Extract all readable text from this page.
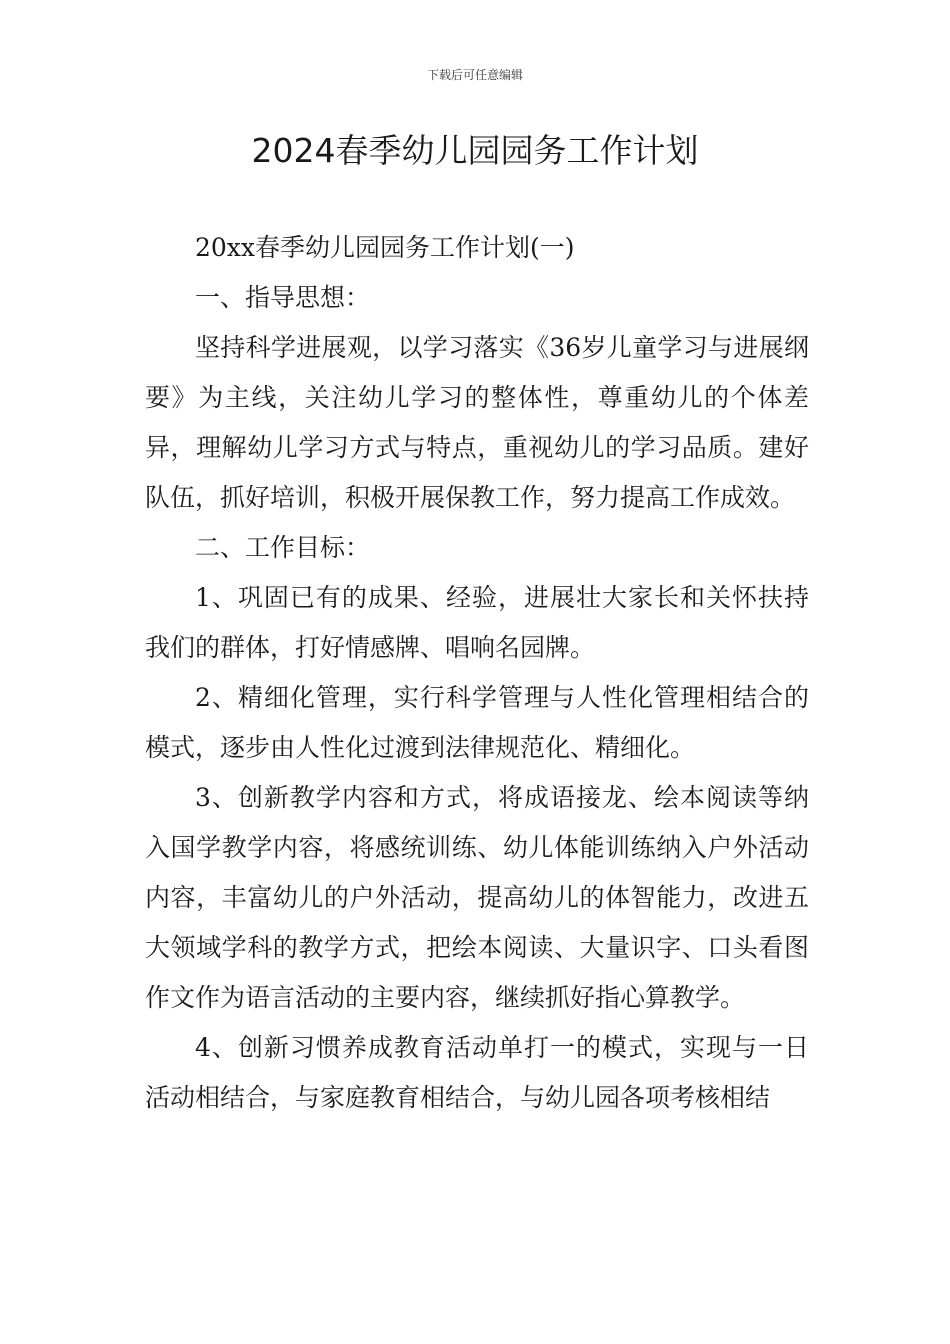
下载后可任意编辑
2024春季幼儿园园务工作计划

20xx春季幼儿园园务工作计划(一)

一、指导思想：

坚持科学进展观，以学习落实《36岁儿童学习与进展纲要》为主线，关注幼儿学习的整体性，尊重幼儿的个体差异，理解幼儿学习方式与特点，重视幼儿的学习品质。建好队伍，抓好培训，积极开展保教工作，努力提高工作成效。

二、工作目标：

1、巩固已有的成果、经验，进展壮大家长和关怀扶持我们的群体，打好情感牌、唱响名园牌。

2、精细化管理，实行科学管理与人性化管理相结合的模式，逐步由人性化过渡到法律规范化、精细化。

3、创新教学内容和方式，将成语接龙、绘本阅读等纳入国学教学内容，将感统训练、幼儿体能训练纳入户外活动内容，丰富幼儿的户外活动，提高幼儿的体智能力，改进五大领域学科的教学方式，把绘本阅读、大量识字、口头看图作文作为语言活动的主要内容，继续抓好指心算教学。

4、创新习惯养成教育活动单打一的模式，实现与一日活动相结合，与家庭教育相结合，与幼儿园各项考核相结
